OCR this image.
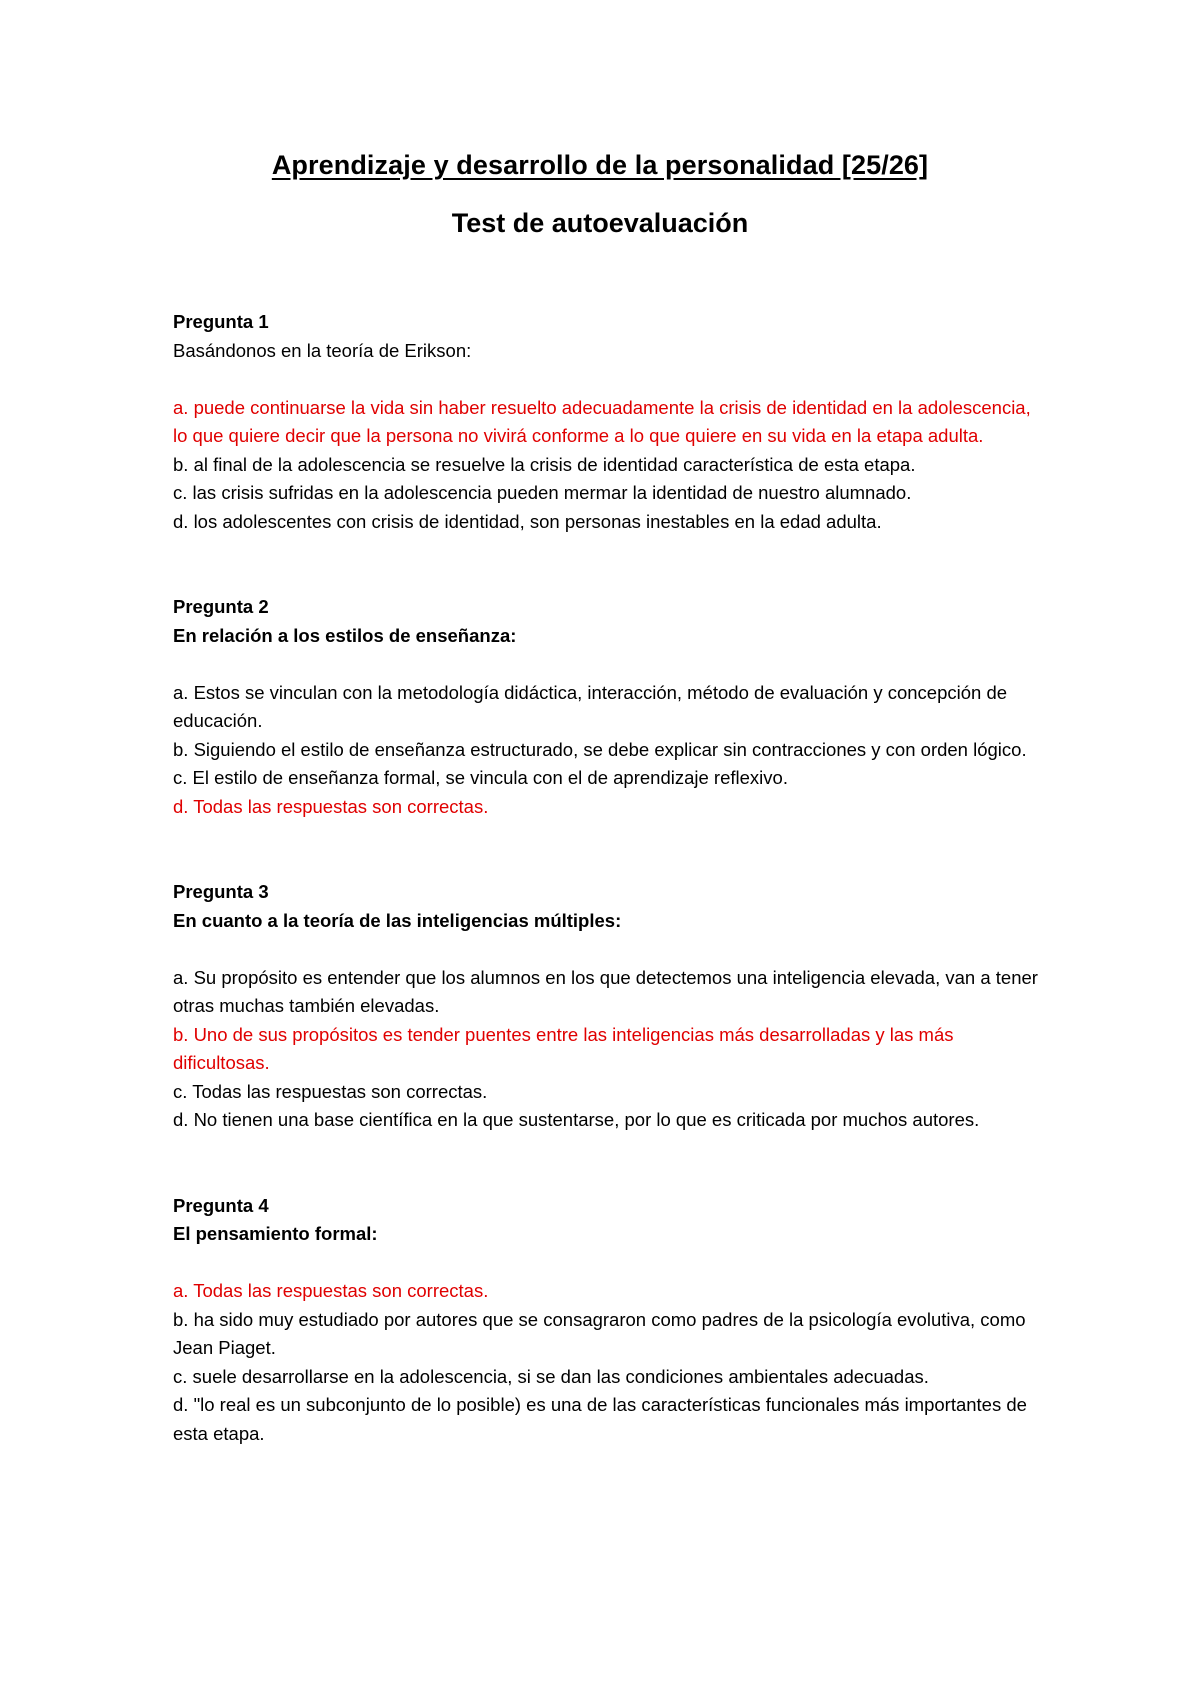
Aprendizaje y desarrollo de la personalidad [25/26]
Test de autoevaluación
Pregunta 1
Basándonos en la teoría de Erikson:
a. puede continuarse la vida sin haber resuelto adecuadamente la crisis de identidad en la adolescencia, lo que quiere decir que la persona no vivirá conforme a lo que quiere en su vida en la etapa adulta.
b. al final de la adolescencia se resuelve la crisis de identidad característica de esta etapa.
c. las crisis sufridas en la adolescencia pueden mermar la identidad de nuestro alumnado.
d. los adolescentes con crisis de identidad, son personas inestables en la edad adulta.
Pregunta 2
En relación a los estilos de enseñanza:
a. Estos se vinculan con la metodología didáctica, interacción, método de evaluación y concepción de educación.
b. Siguiendo el estilo de enseñanza estructurado, se debe explicar sin contracciones y con orden lógico.
c. El estilo de enseñanza formal, se vincula con el de aprendizaje reflexivo.
d. Todas las respuestas son correctas.
Pregunta 3
En cuanto a la teoría de las inteligencias múltiples:
a. Su propósito es entender que los alumnos en los que detectemos una inteligencia elevada, van a tener otras muchas también elevadas.
b. Uno de sus propósitos es tender puentes entre las inteligencias más desarrolladas y las más dificultosas.
c. Todas las respuestas son correctas.
d. No tienen una base científica en la que sustentarse, por lo que es criticada por muchos autores.
Pregunta 4
El pensamiento formal:
a. Todas las respuestas son correctas.
b. ha sido muy estudiado por autores que se consagraron como padres de la psicología evolutiva, como Jean Piaget.
c. suele desarrollarse en la adolescencia, si se dan las condiciones ambientales adecuadas.
d. "lo real es un subconjunto de lo posible) es una de las características funcionales más importantes de esta etapa.
